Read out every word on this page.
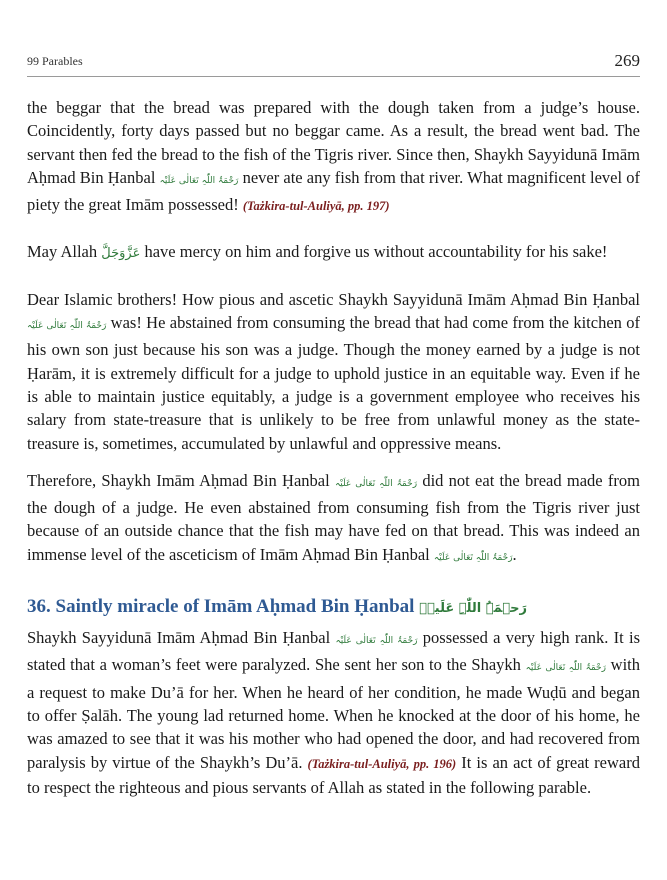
99 Parables	269

the beggar that the bread was prepared with the dough taken from a judge’s house. Coincidently, forty days passed but no beggar came. As a result, the bread went bad. The servant then fed the bread to the fish of the Tigris river. Since then, Shaykh Sayyidunā Imām Aḥmad Bin Ḥanbal رَحْمَۃُ اللّٰہِ تَعَالٰی عَلَیْہ never ate any fish from that river. What magnificent level of piety the great Imām possessed! (Tażkira-tul-Auliyā, pp. 197)

May Allah عَزَّوَجَلَّ have mercy on him and forgive us without accountability for his sake!

Dear Islamic brothers! How pious and ascetic Shaykh Sayyidunā Imām Aḥmad Bin Ḥanbal رَحْمَۃُ اللّٰہِ تَعَالٰی عَلَیْہ was! He abstained from consuming the bread that had come from the kitchen of his own son just because his son was a judge. Though the money earned by a judge is not Ḥarām, it is extremely difficult for a judge to uphold justice in an equitable way. Even if he is able to maintain justice equitably, a judge is a government employee who receives his salary from state-treasure that is unlikely to be free from unlawful money as the state-treasure is, sometimes, accumulated by unlawful and oppressive means.

Therefore, Shaykh Imām Aḥmad Bin Ḥanbal رَحْمَۃُ اللّٰہِ تَعَالٰی عَلَیْہ did not eat the bread made from the dough of a judge. He even abstained from consuming fish from the Tigris river just because of an outside chance that the fish may have fed on that bread. This was indeed an immense level of the asceticism of Imām Aḥmad Bin Ḥanbal رَحْمَۃُ اللّٰہِ تَعَالٰی عَلَیْہ.

36. Saintly miracle of Imām Aḥmad Bin Ḥanbal رَحۡمَۃُ اللّٰہِ عَلَیۡہ

Shaykh Sayyidunā Imām Aḥmad Bin Ḥanbal رَحْمَۃُ اللّٰہِ تَعَالٰی عَلَیْہ possessed a very high rank. It is stated that a woman’s feet were paralyzed. She sent her son to the Shaykh رَحْمَۃُ اللّٰہِ تَعَالٰی عَلَیْہ with a request to make Du’ā for her. When he heard of her condition, he made Wuḍū and began to offer Ṣalāh. The young lad returned home. When he knocked at the door of his home, he was amazed to see that it was his mother who had opened the door, and had recovered from paralysis by virtue of the Shaykh’s Du’ā. (Tażkira-tul-Auliyā, pp. 196) It is an act of great reward to respect the righteous and pious servants of Allah as stated in the following parable.
